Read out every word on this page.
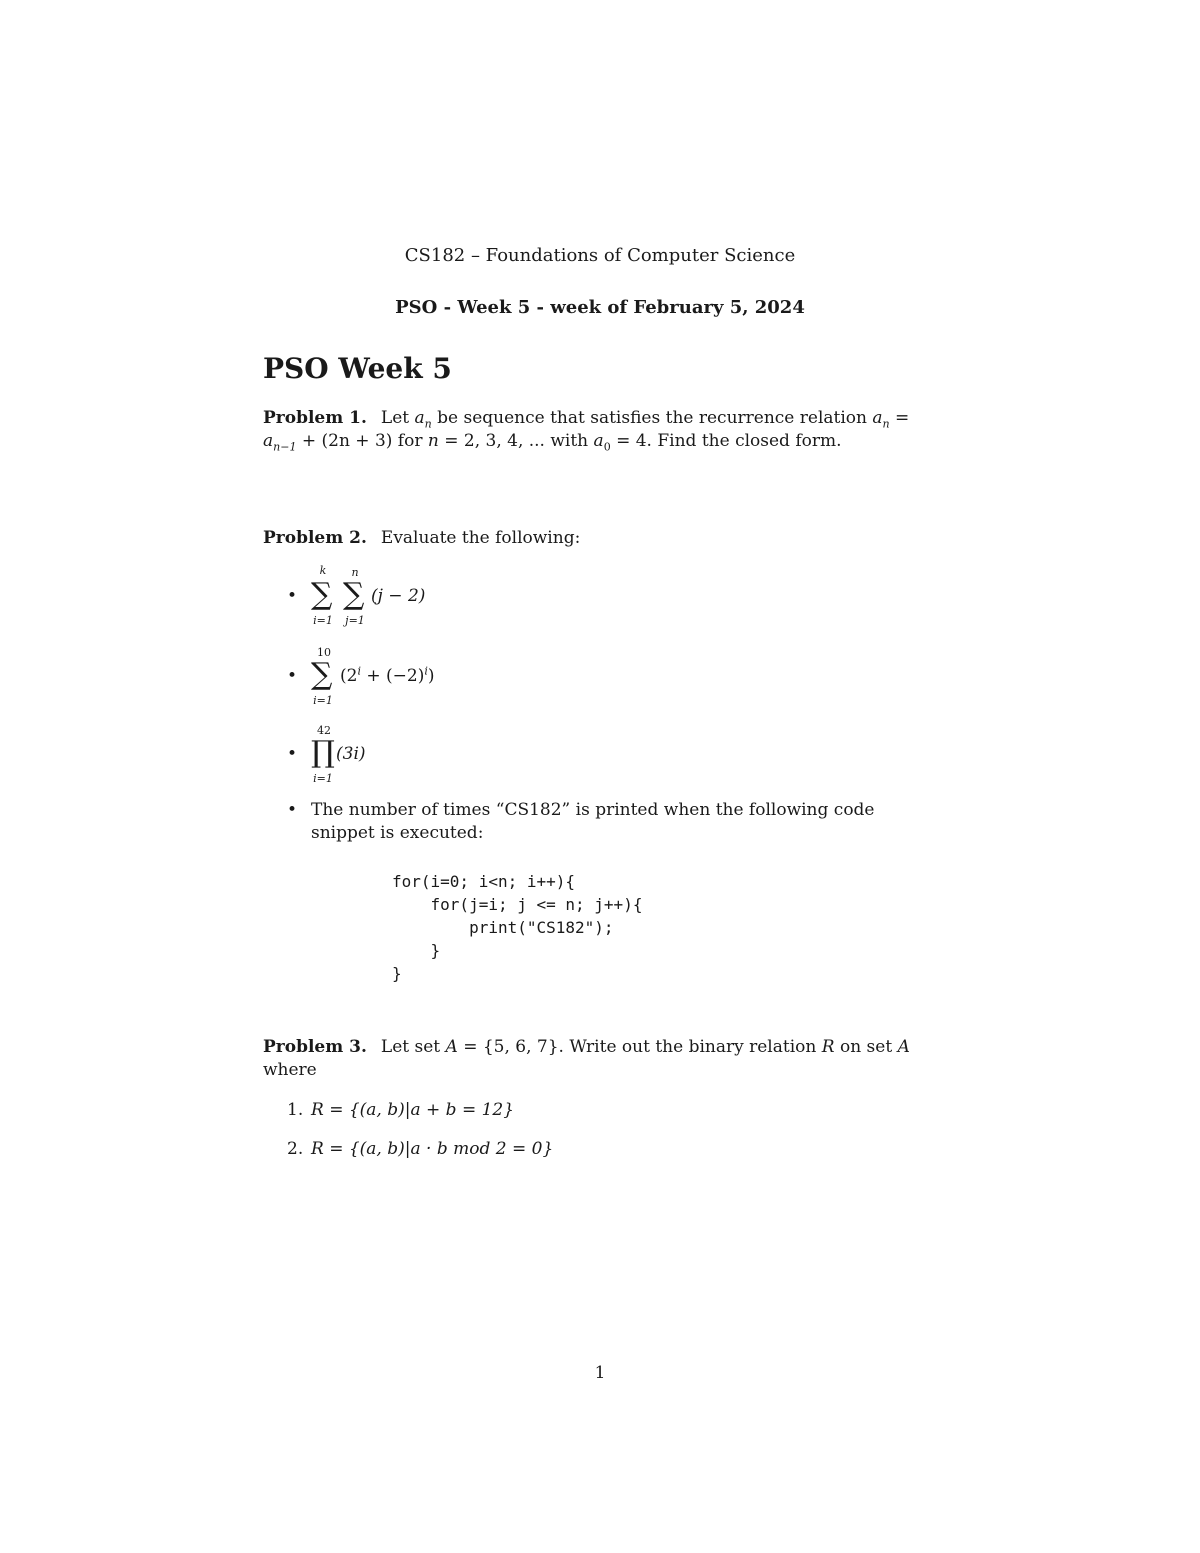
CS182 – Foundations of Computer Science
PSO - Week 5 - week of February 5, 2024
PSO Week 5
Problem 1. Let $a_n$ be sequence that satisfies the recurrence relation $a_n$ =
$a_{n-1} + (2n + 3)$ for n = 2, 3, 4, ... with $a_0 = 4$. Find the closed form.
Problem 2. Evaluate the following:
•
k
∑
i=1
n
∑
j=1
(j − 2)
•
10
∑
i=1
$(2^i + (-2)^i)$
•
42
∏
i=1
(3i)
• The number of times “CS182” is printed when the following code snippet is executed:
for(i=0; i<n; i++){
for(j=i; j <= n; j++){
print("CS182");
}
}
Problem 3. Let set A = {5, 6, 7}. Write out the binary relation R on set A where
1. R = {(a, b)|a + b = 12}
2. R = {(a, b)|a · b mod 2 = 0}
1
